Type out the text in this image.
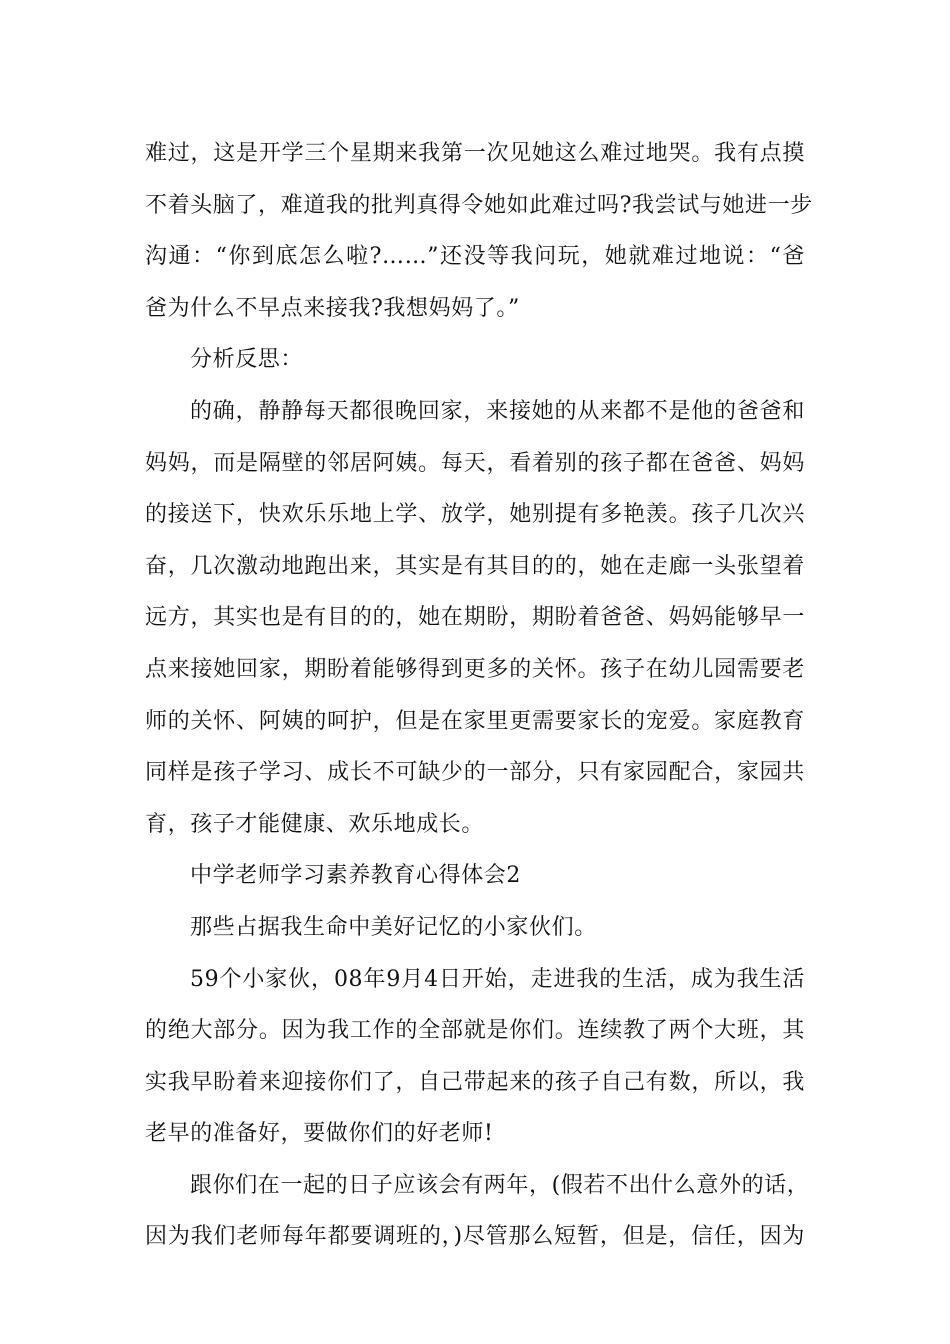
难过，这是开学三个星期来我第一次见她这么难过地哭。我有点摸
不着头脑了，难道我的批判真得令她如此难过吗?我尝试与她进一步
沟通：“你到底怎么啦?……”还没等我问玩，她就难过地说：“爸
爸为什么不早点来接我?我想妈妈了。”
分析反思：
的确，静静每天都很晚回家，来接她的从来都不是他的爸爸和
妈妈，而是隔壁的邻居阿姨。每天，看着别的孩子都在爸爸、妈妈
的接送下，快欢乐乐地上学、放学，她别提有多艳羡。孩子几次兴
奋，几次激动地跑出来，其实是有其目的的，她在走廊一头张望着
远方，其实也是有目的的，她在期盼，期盼着爸爸、妈妈能够早一
点来接她回家，期盼着能够得到更多的关怀。孩子在幼儿园需要老
师的关怀、阿姨的呵护，但是在家里更需要家长的宠爱。家庭教育
同样是孩子学习、成长不可缺少的一部分，只有家园配合，家园共
育，孩子才能健康、欢乐地成长。
中学老师学习素养教育心得体会2
那些占据我生命中美好记忆的小家伙们。
59个小家伙，08年9月4日开始，走进我的生活，成为我生活
的绝大部分。因为我工作的全部就是你们。连续教了两个大班，其
实我早盼着来迎接你们了，自己带起来的孩子自己有数，所以，我
老早的准备好，要做你们的好老师!
跟你们在一起的日子应该会有两年，(假若不出什么意外的话，
因为我们老师每年都要调班的，)尽管那么短暂，但是，信任，因为
